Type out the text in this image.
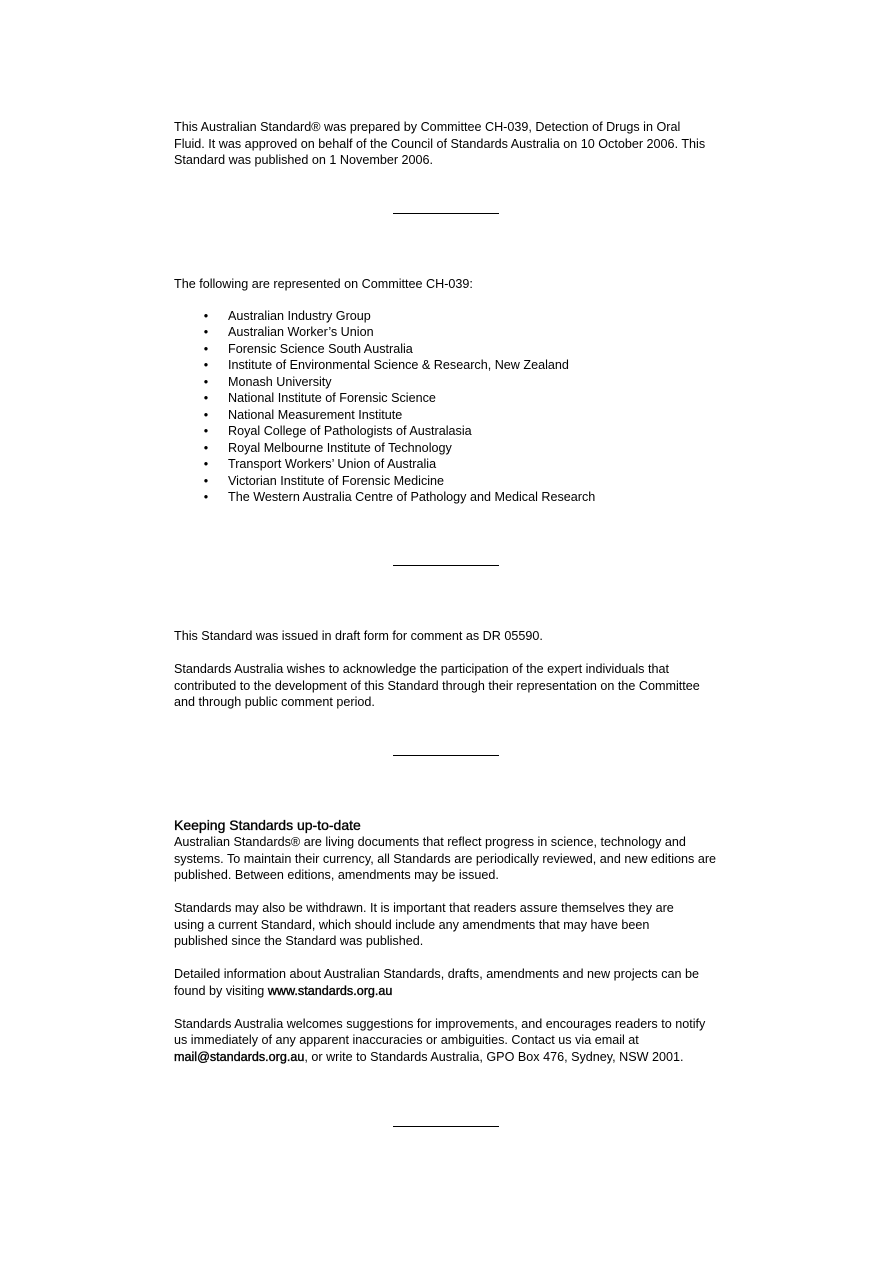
This Australian Standard® was prepared by Committee CH-039, Detection of Drugs in Oral Fluid. It was approved on behalf of the Council of Standards Australia on 10 October 2006. This Standard was published on 1 November 2006.

The following are represented on Committee CH-039:

•	Australian Industry Group
•	Australian Worker’s Union
•	Forensic Science South Australia
•	Institute of Environmental Science & Research, New Zealand
•	Monash University
•	National Institute of Forensic Science
•	National Measurement Institute
•	Royal College of Pathologists of Australasia
•	Royal Melbourne Institute of Technology
•	Transport Workers’ Union of Australia
•	Victorian Institute of Forensic Medicine
•	The Western Australia Centre of Pathology and Medical Research

This Standard was issued in draft form for comment as DR 05590.

Standards Australia wishes to acknowledge the participation of the expert individuals that contributed to the development of this Standard through their representation on the Committee and through public comment period.

Keeping Standards up-to-date

Australian Standards® are living documents that reflect progress in science, technology and systems. To maintain their currency, all Standards are periodically reviewed, and new editions are published. Between editions, amendments may be issued.

Standards may also be withdrawn. It is important that readers assure themselves they are using a current Standard, which should include any amendments that may have been published since the Standard was published.

Detailed information about Australian Standards, drafts, amendments and new projects can be found by visiting www.standards.org.au

Standards Australia welcomes suggestions for improvements, and encourages readers to notify us immediately of any apparent inaccuracies or ambiguities. Contact us via email at mail@standards.org.au, or write to Standards Australia, GPO Box 476, Sydney, NSW 2001.
